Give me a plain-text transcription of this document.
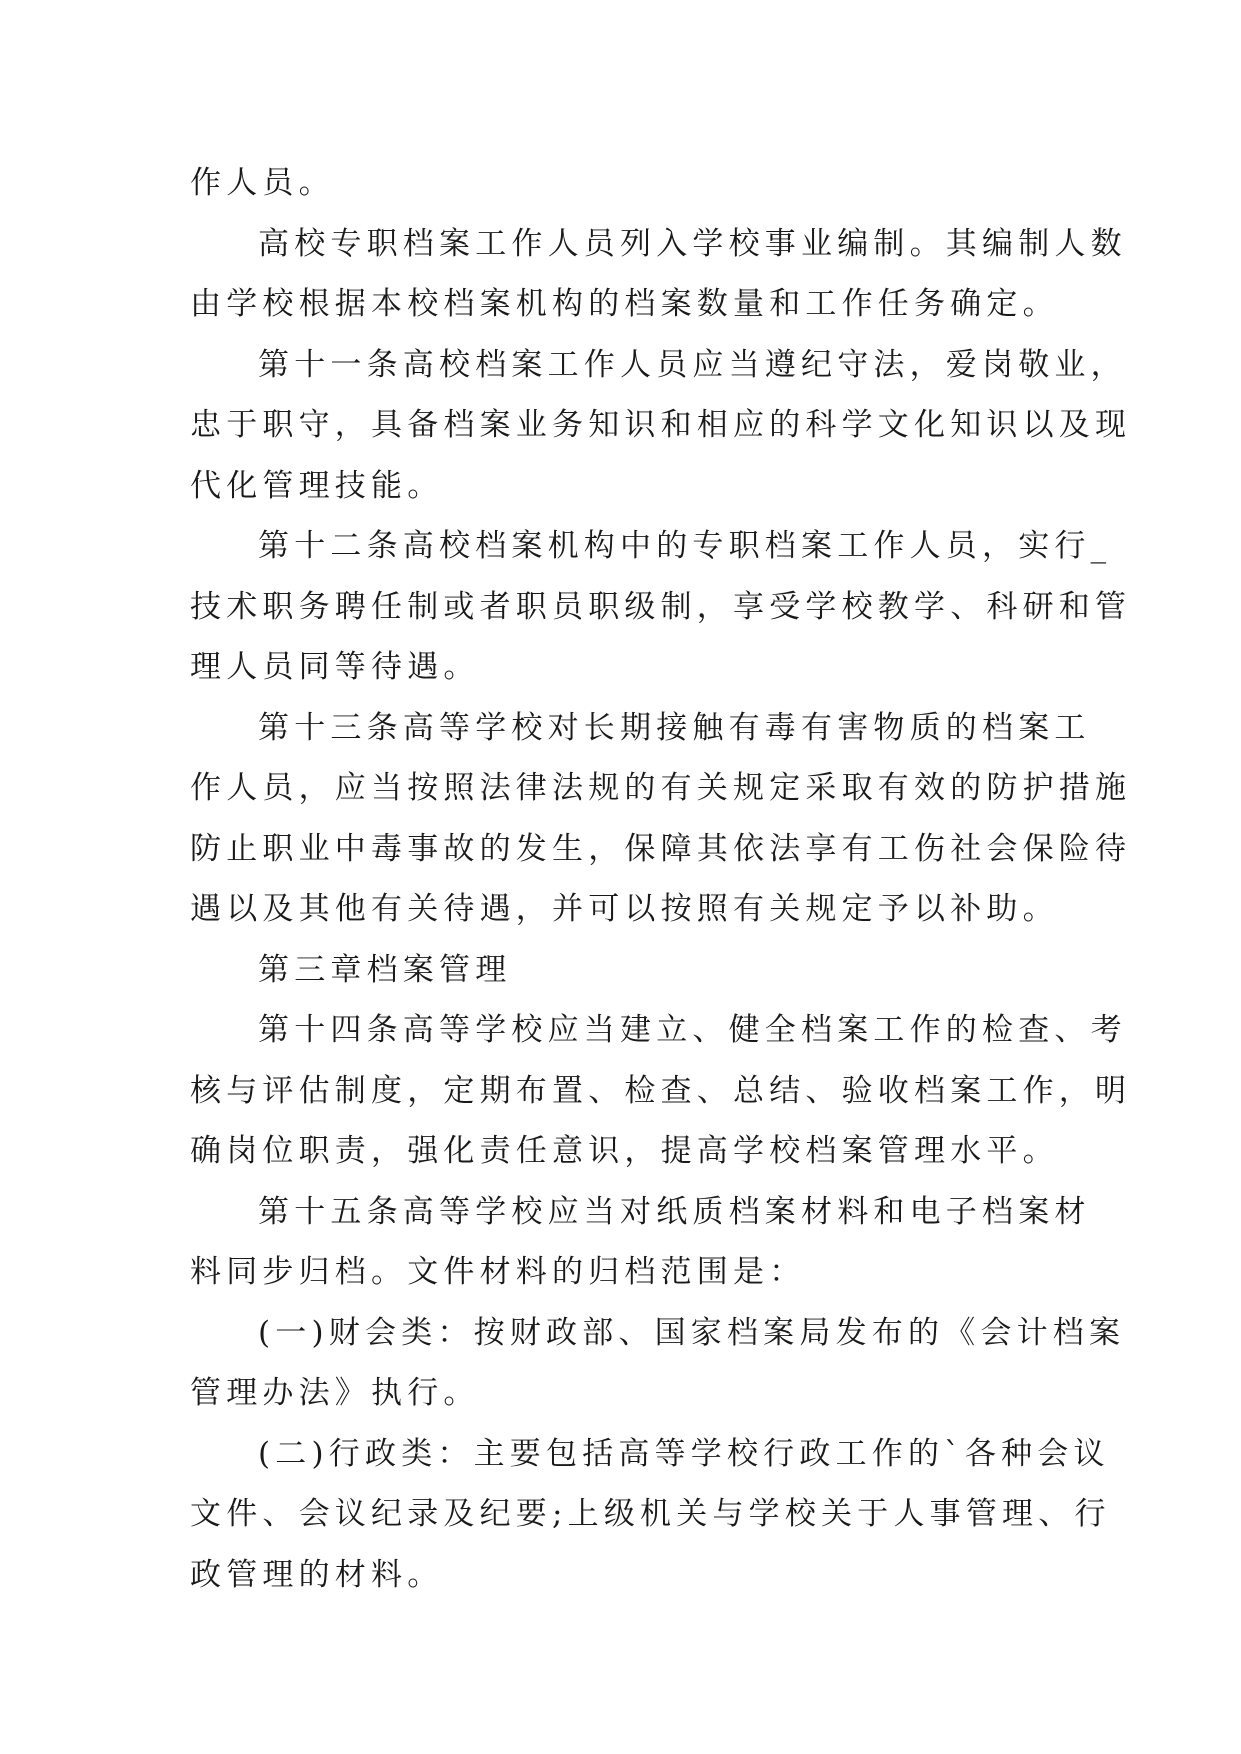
作人员。
高校专职档案工作人员列入学校事业编制。其编制人数
由学校根据本校档案机构的档案数量和工作任务确定。
第十一条高校档案工作人员应当遵纪守法，爱岗敬业，
忠于职守，具备档案业务知识和相应的科学文化知识以及现
代化管理技能。
第十二条高校档案机构中的专职档案工作人员，实行_
技术职务聘任制或者职员职级制，享受学校教学、科研和管
理人员同等待遇。
第十三条高等学校对长期接触有毒有害物质的档案工
作人员，应当按照法律法规的有关规定采取有效的防护措施
防止职业中毒事故的发生，保障其依法享有工伤社会保险待
遇以及其他有关待遇，并可以按照有关规定予以补助。
第三章档案管理
第十四条高等学校应当建立、健全档案工作的检查、考
核与评估制度，定期布置、检查、总结、验收档案工作，明
确岗位职责，强化责任意识，提高学校档案管理水平。
第十五条高等学校应当对纸质档案材料和电子档案材
料同步归档。文件材料的归档范围是：
(一)财会类：按财政部、国家档案局发布的《会计档案
管理办法》执行。
(二)行政类：主要包括高等学校行政工作的`各种会议
文件、会议纪录及纪要;上级机关与学校关于人事管理、行
政管理的材料。
